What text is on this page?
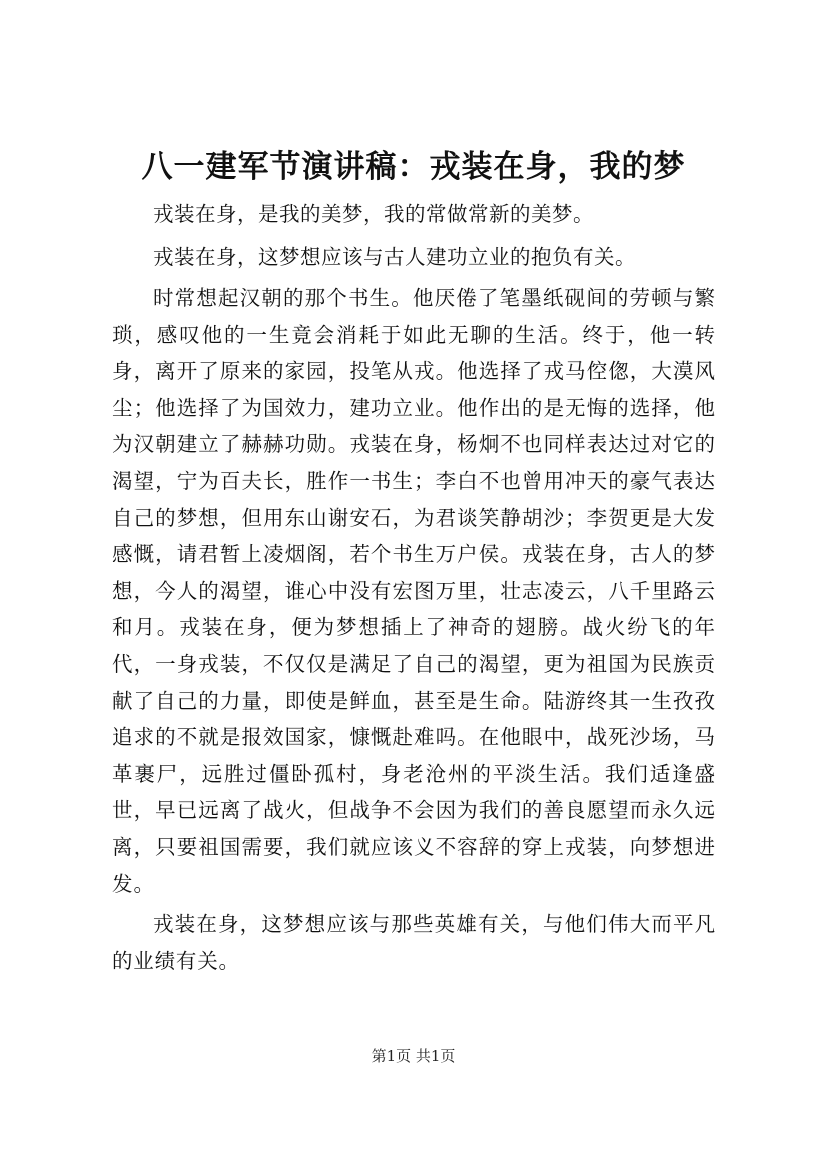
八一建军节演讲稿：戎装在身，我的梦

戎装在身，是我的美梦，我的常做常新的美梦。

戎装在身，这梦想应该与古人建功立业的抱负有关。

时常想起汉朝的那个书生。他厌倦了笔墨纸砚间的劳顿与繁琐，感叹他的一生竟会消耗于如此无聊的生活。终于，他一转身，离开了原来的家园，投笔从戎。他选择了戎马倥偬，大漠风尘；他选择了为国效力，建功立业。他作出的是无悔的选择，他为汉朝建立了赫赫功勋。戎装在身，杨炯不也同样表达过对它的渴望，宁为百夫长，胜作一书生；李白不也曾用冲天的豪气表达自己的梦想，但用东山谢安石，为君谈笑静胡沙；李贺更是大发感慨，请君暂上凌烟阁，若个书生万户侯。戎装在身，古人的梦想，今人的渴望，谁心中没有宏图万里，壮志凌云，八千里路云和月。戎装在身，便为梦想插上了神奇的翅膀。战火纷飞的年代，一身戎装，不仅仅是满足了自己的渴望，更为祖国为民族贡献了自己的力量，即使是鲜血，甚至是生命。陆游终其一生孜孜追求的不就是报效国家，慷慨赴难吗。在他眼中，战死沙场，马革裹尸，远胜过僵卧孤村，身老沧州的平淡生活。我们适逢盛世，早已远离了战火，但战争不会因为我们的善良愿望而永久远离，只要祖国需要，我们就应该义不容辞的穿上戎装，向梦想进发。

戎装在身，这梦想应该与那些英雄有关，与他们伟大而平凡的业绩有关。

第1页 共1页
